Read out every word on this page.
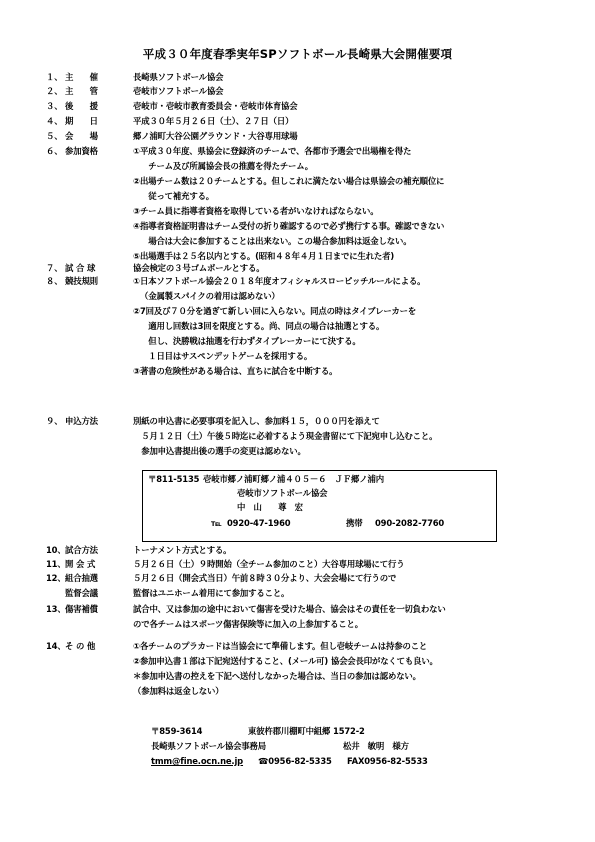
平成３０年度春季実年SPソフトボール長崎県大会開催要項
１、 主　　催	長崎県ソフトボール協会
２、 主　　管	壱岐市ソフトボール協会
３、 後　　援	壱岐市・壱岐市教育委員会・壱岐市体育協会
４、 期　　日	平成３０年５月２６日（土）、２７日（日）
５、 会　　場	郷ノ浦町大谷公園グラウンド・大谷専用球場
６、 参加資格	①平成３０年度、県協会に登録済のチームで、各都市予選会で出場権を得た
　チーム及び所属協会長の推薦を得たチーム。
②出場チーム数は２０チームとする。但しこれに満たない場合は県協会の補充順位に
　従って補充する。
③チーム員に指導者資格を取得している者がいなければならない。
④指導者資格証明書はチーム受付の折り確認するので必ず携行する事。確認できない
　場合は大会に参加することは出来ない。この場合参加料は返金しない。
⑤出場選手は２５名以内とする。(昭和４８年４月１日までに生れた者)
７、 試 合 球	協会検定の３号ゴムボールとする。
８、 競技規則	①日本ソフトボール協会２０１８年度オフィシャルスローピッチルールによる。
（金属製スパイクの着用は認めない）
②7回及び７０分を過ぎて新しい回に入らない。同点の時はタイブレーカーを
　適用し回数は3回を限度とする。尚、同点の場合は抽選とする。
　但し、決勝戦は抽選を行わずタイブレーカーにて決する。
　１日目はサスペンデットゲームを採用する。
③著書の危険性がある場合は、直ちに試合を中断する。
９、 申込方法	別紙の申込書に必要事項を記入し、参加料１５，０００円を添えて
　５月１２日（土）午後５時迄に必着するよう現金書留にて下記宛申し込むこと。
　参加申込書提出後の選手の変更は認めない。
10、 試合方法	トーナメント方式とする。
11、 開 会 式	５月２６日（土）９時開始（全チーム参加のこと）大谷専用球場にて行う
12、 組合抽選	５月２６日（開会式当日）午前８時３０分より、大会会場にて行うので
監督会議	監督はユニホーム着用にて参加すること。
13、 傷害補償	試合中、又は参加の途中において傷害を受けた場合、協会はその責任を一切負わない
ので各チームはスポーツ傷害保険等に加入の上参加すること。
14、 そ の 他	①各チームのプラカードは当協会にて準備します。但し壱岐チームは持参のこと
②参加申込書１部は下記宛送付すること、(メール可) 協会会長印がなくても良い。
＊参加申込書の控えを下記へ送付しなかった場合は、当日の参加は認めない。
（参加料は返金しない）
〒811-5135 壱岐市郷ノ浦町郷ノ浦４０５－６　ＪＦ郷ノ浦内
壱岐市ソフトボール協会
中　山　　尊　宏
℡ 0920-47-1960	携帯 090-2082-7760
〒859-3614	東彼杵郡川棚町中組郷 1572-2
長崎県ソフトボール協会事務局	松井　敏明　様方
tmm@fine.ocn.ne.jp ☎0956-82-5335 FAX0956-82-5533
